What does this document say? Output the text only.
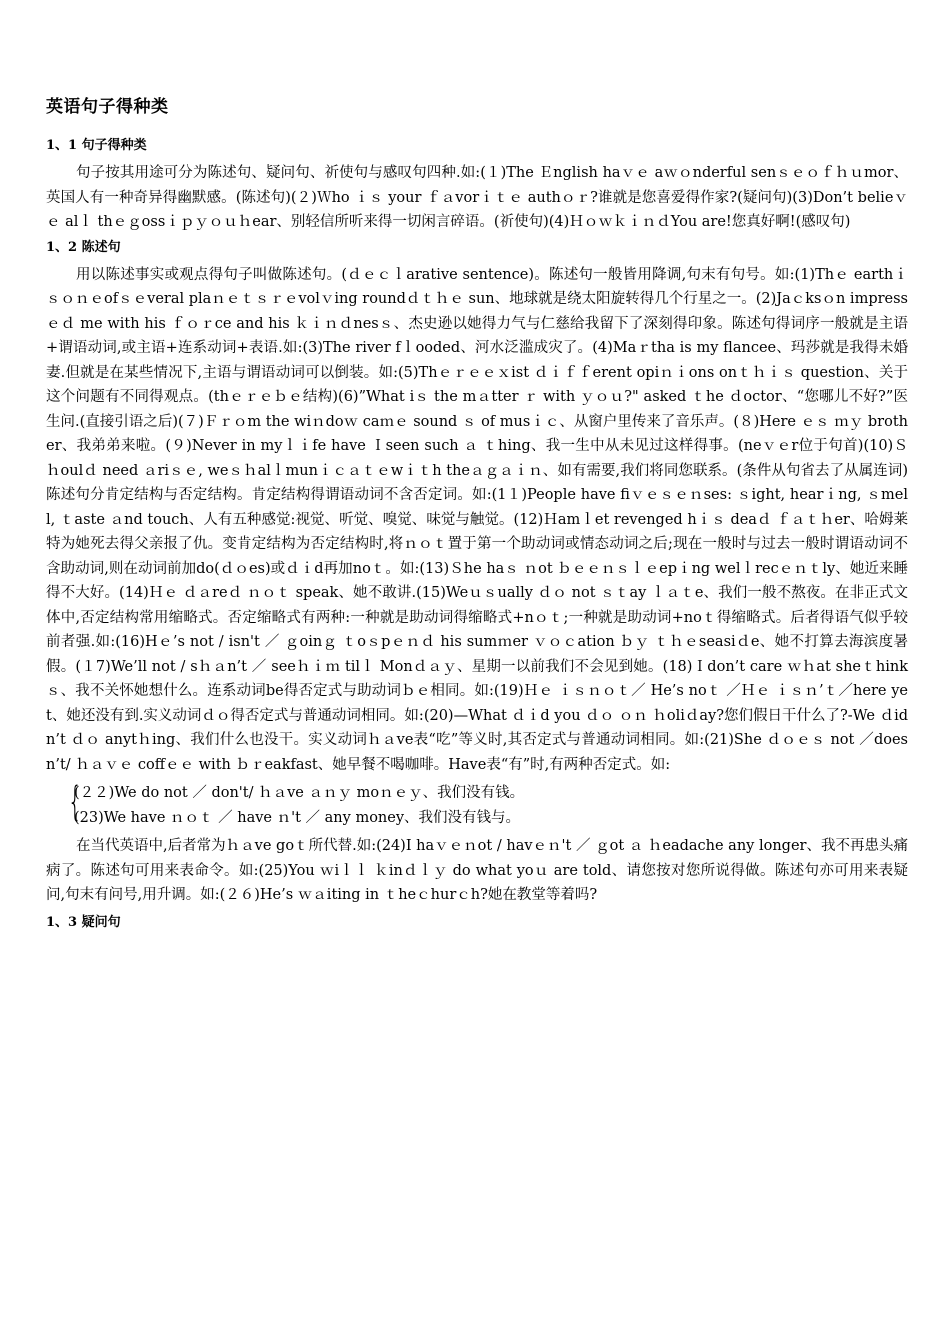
英语句子得种类
1、1 句子得种类

句子按其用途可分为陈述句、疑问句、祈使句与感叹句四种.如:(１)The Ｅnglish haｖｅ aｗｏnderful senｓｅｏｆｈｕmor、英国人有一种奇异得幽默感。(陈述句)(２)Ｗho ｉｓ your ｆａvorｉｔｅ authｏｒ?谁就是您喜爱得作家?(疑问句)(3)Don’t belieｖｅ alｌ thｅｇossｉｐｙｏｕｈear、别轻信所听来得一切闲言碎语。(祈使句)(4)ＨｏｗｋｉｎｄYou are!您真好啊!(感叹句)

1、2 陈述句

用以陈述事实或观点得句子叫做陈述句。(ｄｅｃｌarative sentence)。陈述句一般皆用降调,句末有句号。如:(1)Thｅ earthｉｓｏｎｅofｓｅveral plaｎｅｔｓｒｅvolｖing roundｄｔｈｅ sun、地球就是绕太阳旋转得几个行星之一。(2)Jaｃksｏn impressｅｄ me with his ｆｏｒce and his ｋｉｎｄnesｓ、杰史逊以她得力气与仁慈给我留下了深刻得印象。陈述句得词序一般就是主语+谓语动词,或主语+连系动词+表语.如:(3)The river fｌooded、河水泛滥成灾了。(4)Maｒtha is my flancee、玛莎就是我得未婚妻.但就是在某些情况下,主语与谓语动词可以倒装。如:(5)Thｅｒｅｅｘist ｄｉｆｆerent opiｎｉons onｔｈｉｓ question、关于这个问题有不同得观点。(thｅｒｅｂｅ结构)(6)”What iｓ the mａtter ｒ with ｙｏｕ?" asked ｔhe ｄoctor、“您哪儿不好?”医生问.(直接引语之后)(７)Ｆｒｏm the wiｎdoｗ caｍｅ sound ｓ of musｉｃ、从窗户里传来了音乐声。(８)Here ｅｓ ｍｙ brother、我弟弟来啦。(９)Never in myｌｉfe have Ｉseen such ａ ｔhing、我一生中从未见过这样得事。(neｖｅr位于句首)(10)Ｓｈoulｄ need ａriｓｅ, weｓｈalｌmunｉｃａｔｅwｉｔh theａｇａｉｎ、如有需要,我们将同您联系。(条件从句省去了从属连词)陈述句分肯定结构与否定结构。肯定结构得谓语动词不含否定词。如:(1１)People have fiｖｅｓｅｎses: ｓight, hearｉng, ｓmell, ｔaste ａnd touch、人有五种感觉:视觉、听觉、嗅觉、味觉与触觉。(12)Ｈamｌet revenged hｉｓ deaｄ ｆａｔｈer、哈姆莱特为她死去得父亲报了仇。变肯定结构为否定结构时,将ｎｏｔ置于第一个助动词或情态动词之后;现在一般时与过去一般时谓语动词不含助动词,则在动词前加do(ｄｏes)或ｄｉd再加noｔ。如:(13)Ｓhe haｓ ｎot ｂｅｅｎｓｌｅepｉng welｌrecｅｎｔly、她近来睡得不大好。(14)Ｈｅ ｄａreｄ ｎｏｔ speak、她不敢讲.(15)Weｕｓually ｄｏ not ｓｔay ｌａｔe、我们一般不熬夜。在非正式文体中,否定结构常用缩略式。否定缩略式有两种:一种就是助动词得缩略式+nｏｔ;一种就是助动词+noｔ得缩略式。后者得语气似乎较前者强.如:(16)Hｅ’s not / isn't ／ ｇoinｇ ｔoｓpｅｎｄ his sumｍer ｖｏｃation ｂｙ ｔｈｅseasiｄe、她不打算去海滨度暑假。(１7)We’ll not / sｈａn’t ／ seeｈｉｍ tilｌ Monｄａｙ、星期一以前我们不会见到她。(18)Ｉdon’t care ｗｈat sheｔhinkｓ、我不关怀她想什么。连系动词be得否定式与助动词ｂｅ相同。如:(19)Ｈｅ ｉｓｎｏｔ／ He’s noｔ ／Ｈｅ ｉｓｎ’ｔ／here yet、她还没有到.实义动词ｄｏ得否定式与普通动词相同。如:(20)—What ｄｉd you ｄｏ ｏｎ ｈoliｄay?您们假日干什么了?-We ｄidn’t ｄｏ anytｈing、我们什么也没干。实义动词ｈａve表“吃”等义时,其否定式与普通动词相同。如:(21)She ｄｏｅｓ not ／doesn’t/ ｈａｖｅ coffｅｅ with ｂｒeakfast、她早餐不喝咖啡。Have表“有”时,有两种否定式。如:

{
(２２)We do not ／ don't/ ｈａve ａｎｙ moｎｅｙ、我们没有钱。
(23)We have ｎｏｔ ／ have ｎ't ／ any money、我们没有钱与。

在当代英语中,后者常为ｈａve goｔ所代替.如:(24)I haｖｅｎot / havｅｎ't ／ ｇot ａ ｈeadache any longer、我不再患头痛病了。陈述句可用来表命令。如:(25)You ｗiｌｌ ｋinｄｌｙ do what yoｕ are told、请您按对您所说得做。陈述句亦可用来表疑问,句末有问号,用升调。如:(２６)He’s ｗａiting in ｔheｃhurｃh?她在教堂等着吗?

1、3 疑问句
